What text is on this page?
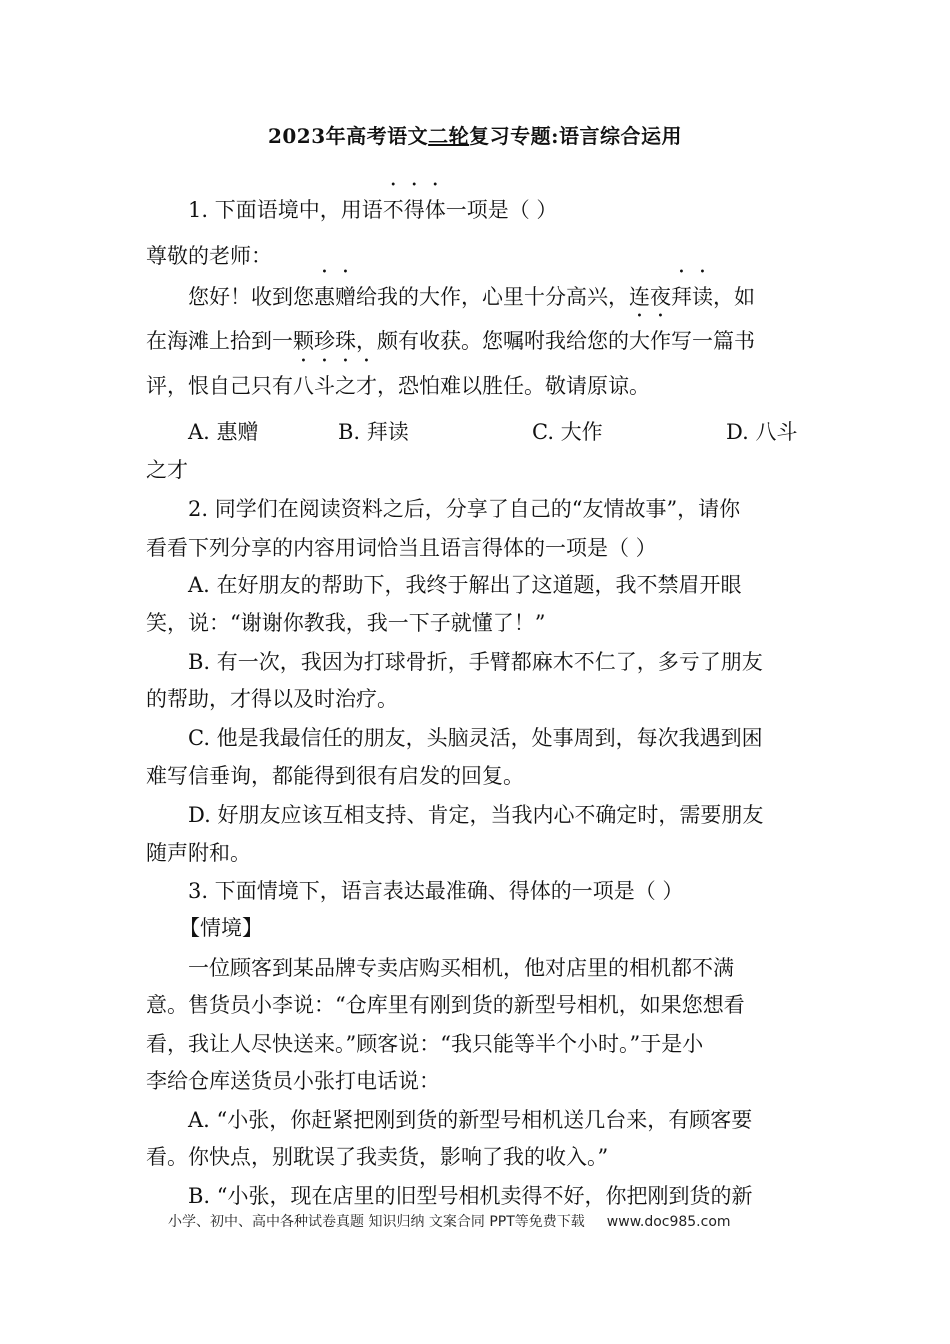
2023年高考语文二轮复习专题:语言综合运用
1. 下面语境中，用语不得体一项是（ ）
尊敬的老师：
您好！收到您惠赠给我的大作，心里十分高兴，连夜拜读，如
在海滩上拾到一颗珍珠，颇有收获。您嘱咐我给您的大作写一篇书
评，恨自己只有八斗之才，恐怕难以胜任。敬请原谅。
A. 惠赠	B. 拜读	C. 大作	D. 八斗
之才
2. 同学们在阅读资料之后，分享了自己的“友情故事”，请你
看看下列分享的内容用词恰当且语言得体的一项是（ ）
A. 在好朋友的帮助下，我终于解出了这道题，我不禁眉开眼
笑，说：“谢谢你教我，我一下子就懂了！”
B. 有一次，我因为打球骨折，手臂都麻木不仁了，多亏了朋友
的帮助，才得以及时治疗。
C. 他是我最信任的朋友，头脑灵活，处事周到，每次我遇到困
难写信垂询，都能得到很有启发的回复。
D. 好朋友应该互相支持、肯定，当我内心不确定时，需要朋友
随声附和。
3. 下面情境下，语言表达最准确、得体的一项是（ ）
【情境】
一位顾客到某品牌专卖店购买相机，他对店里的相机都不满
意。售货员小李说：“仓库里有刚到货的新型号相机，如果您想看
看，我让人尽快送来。”顾客说：“我只能等半个小时。”于是小
李给仓库送货员小张打电话说：
A. “小张，你赶紧把刚到货的新型号相机送几台来，有顾客要
看。你快点，别耽误了我卖货，影响了我的收入。”
B. “小张，现在店里的旧型号相机卖得不好，你把刚到货的新
小学、初中、高中各种试卷真题 知识归纳 文案合同 PPT等免费下载 www.doc985.com
